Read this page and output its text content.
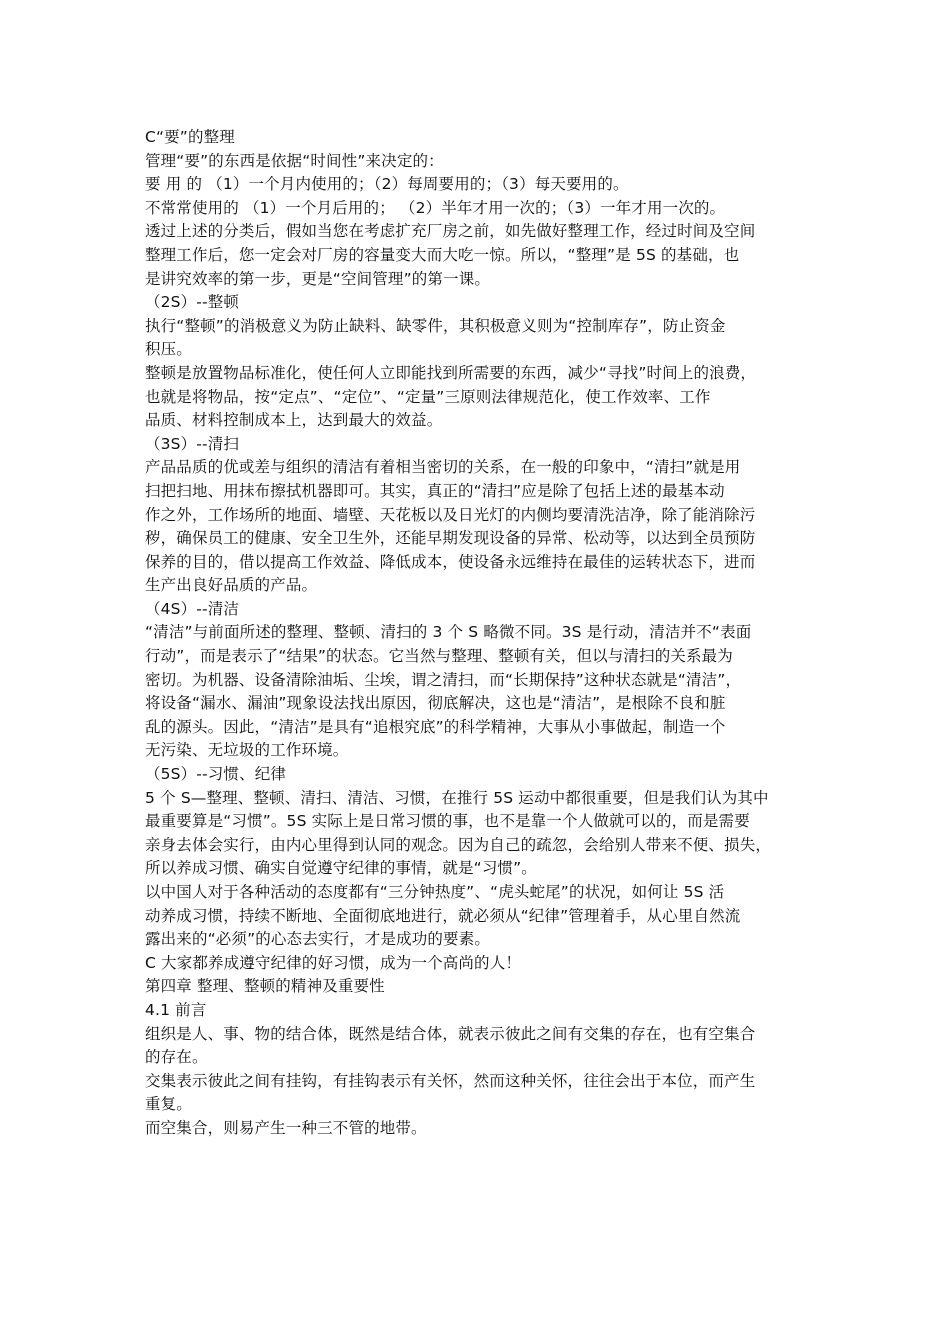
C“要”的整理
管理“要”的东西是依据“时间性”来决定的：
要 用 的 （1）一个月内使用的；（2）每周要用的；（3）每天要用的。
不常常使用的 （1）一个月后用的； （2）半年才用一次的；（3）一年才用一次的。
透过上述的分类后，假如当您在考虑扩充厂房之前，如先做好整理工作，经过时间及空间
整理工作后，您一定会对厂房的容量变大而大吃一惊。所以，“整理”是 5S 的基础，也
是讲究效率的第一步，更是“空间管理”的第一课。
（2S）--整顿
执行“整顿”的消极意义为防止缺料、缺零件，其积极意义则为“控制库存”，防止资金
积压。
整顿是放置物品标准化，使任何人立即能找到所需要的东西，减少“寻找”时间上的浪费，
也就是将物品，按“定点”、“定位”、“定量”三原则法律规范化，使工作效率、工作
品质、材料控制成本上，达到最大的效益。
（3S）--清扫
产品品质的优或差与组织的清洁有着相当密切的关系，在一般的印象中，“清扫”就是用
扫把扫地、用抹布擦拭机器即可。其实，真正的“清扫”应是除了包括上述的最基本动
作之外，工作场所的地面、墙壁、天花板以及日光灯的内侧均要清洗洁净，除了能消除污
秽，确保员工的健康、安全卫生外，还能早期发现设备的异常、松动等，以达到全员预防
保养的目的，借以提高工作效益、降低成本，使设备永远维持在最佳的运转状态下，进而
生产出良好品质的产品。
（4S）--清洁
“清洁”与前面所述的整理、整顿、清扫的 3 个 S 略微不同。3S 是行动，清洁并不“表面
行动”，而是表示了“结果”的状态。它当然与整理、整顿有关，但以与清扫的关系最为
密切。为机器、设备清除油垢、尘埃，谓之清扫，而“长期保持”这种状态就是“清洁”，
将设备“漏水、漏油”现象设法找出原因，彻底解决，这也是“清洁”，是根除不良和脏
乱的源头。因此，“清洁”是具有“追根究底”的科学精神，大事从小事做起，制造一个
无污染、无垃圾的工作环境。
（5S）--习惯、纪律
5 个 S—整理、整顿、清扫、清洁、习惯，在推行 5S 运动中都很重要，但是我们认为其中
最重要算是“习惯”。5S 实际上是日常习惯的事，也不是靠一个人做就可以的，而是需要
亲身去体会实行，由内心里得到认同的观念。因为自己的疏忽，会给别人带来不便、损失，
所以养成习惯、确实自觉遵守纪律的事情，就是“习惯”。
以中国人对于各种活动的态度都有“三分钟热度”、“虎头蛇尾”的状况，如何让 5S 活
动养成习惯，持续不断地、全面彻底地进行，就必须从“纪律”管理着手，从心里自然流
露出来的“必须”的心态去实行，才是成功的要素。
C 大家都养成遵守纪律的好习惯，成为一个高尚的人！
第四章 整理、整顿的精神及重要性
4.1 前言
组织是人、事、物的结合体，既然是结合体，就表示彼此之间有交集的存在，也有空集合
的存在。
交集表示彼此之间有挂钩，有挂钩表示有关怀，然而这种关怀，往往会出于本位，而产生
重复。
而空集合，则易产生一种三不管的地带。
